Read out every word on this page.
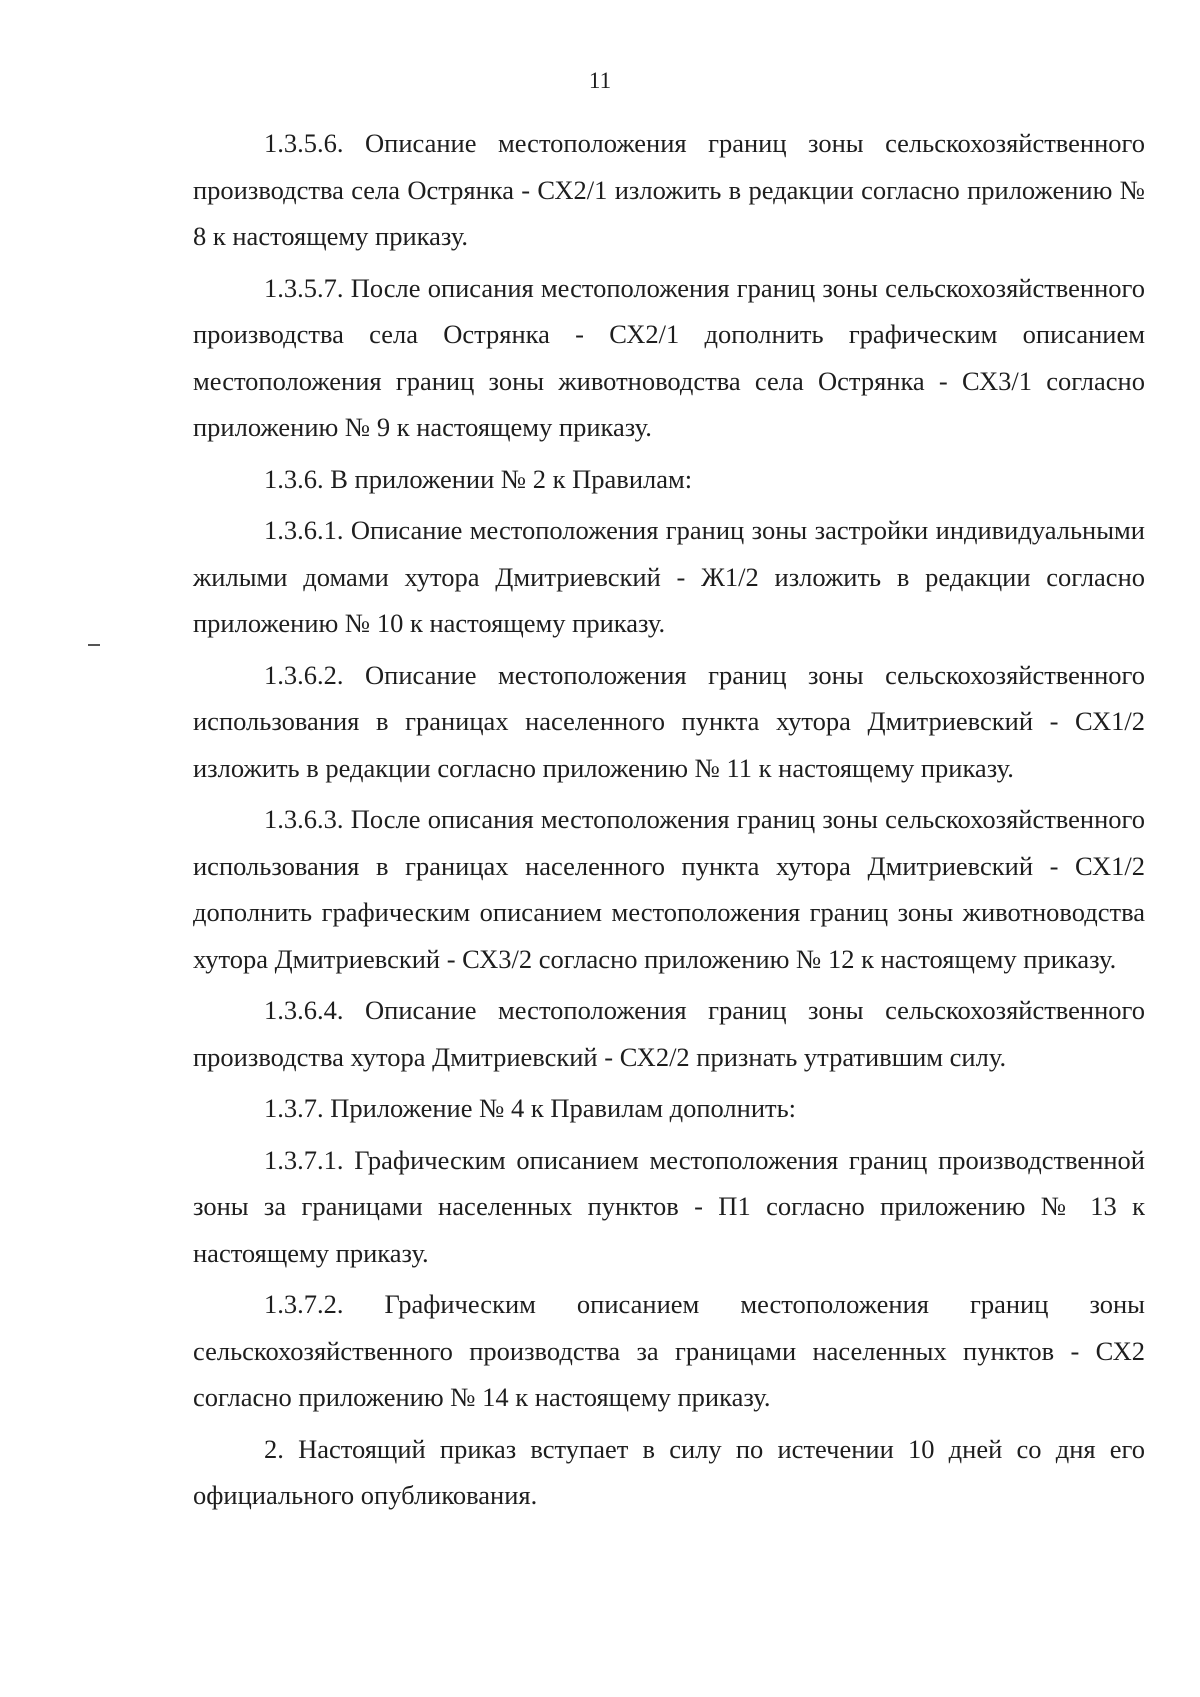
11

1.3.5.6. Описание местоположения границ зоны сельскохозяйственного производства села Острянка - СХ2/1 изложить в редакции согласно приложению № 8 к настоящему приказу.

1.3.5.7. После описания местоположения границ зоны сельскохозяйственного производства села Острянка - СХ2/1 дополнить графическим описанием местоположения границ зоны животноводства села Острянка - СХ3/1 согласно приложению № 9 к настоящему приказу.

1.3.6. В приложении № 2 к Правилам:

1.3.6.1. Описание местоположения границ зоны застройки индивидуальными жилыми домами хутора Дмитриевский - Ж1/2 изложить в редакции согласно приложению № 10 к настоящему приказу.

1.3.6.2. Описание местоположения границ зоны сельскохозяйственного использования в границах населенного пункта хутора Дмитриевский - СХ1/2 изложить в редакции согласно приложению № 11 к настоящему приказу.

1.3.6.3. После описания местоположения границ зоны сельскохозяйственного использования в границах населенного пункта хутора Дмитриевский - СХ1/2 дополнить графическим описанием местоположения границ зоны животноводства хутора Дмитриевский - СХ3/2 согласно приложению № 12 к настоящему приказу.

1.3.6.4. Описание местоположения границ зоны сельскохозяйственного производства хутора Дмитриевский - СХ2/2 признать утратившим силу.

1.3.7. Приложение № 4 к Правилам дополнить:

1.3.7.1. Графическим описанием местоположения границ производственной зоны за границами населенных пунктов - П1 согласно приложению № 13 к настоящему приказу.

1.3.7.2. Графическим описанием местоположения границ зоны сельскохозяйственного производства за границами населенных пунктов - СХ2 согласно приложению № 14 к настоящему приказу.

2. Настоящий приказ вступает в силу по истечении 10 дней со дня его официального опубликования.
